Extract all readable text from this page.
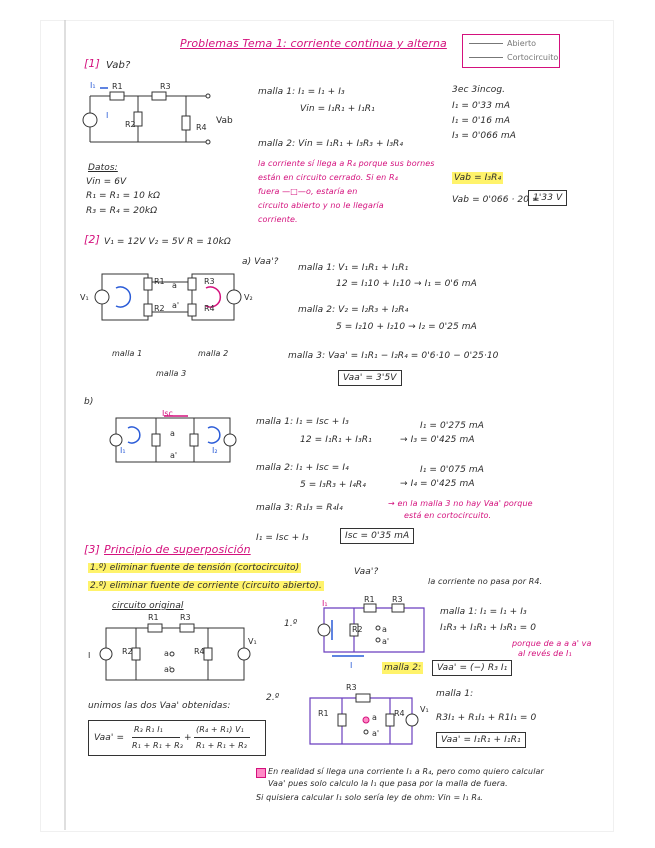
Problemas Tema 1: corriente continua y alterna	Abierto
Cortocircuito
[1] Vab?
I₁ R1	R3
R2	R4
I
Vab
Datos:
Vin = 6V
R₁ = R₁ = 10 kΩ
R₃ = R₄ = 20kΩ
malla 1: I₁ = I₁ + I₃
Vin = I₁R₁ + I₁R₁
malla 2: Vin = I₁R₁ + I₃R₃ + I₃R₄
3ec 3incog.
I₁ = 0'33 mA
I₁ = 0'16 mA
I₃ = 0'066 mA
la corriente sí llega a R₄ porque sus bornes
están en circuito cerrado. Si en R₄
fuera —□—o, estaría en
circuito abierto y no le llegaría
corriente.
Vab = I₃R₄
Vab = 0'066 · 20 =
1'33 V
[2] V₁ = 12V V₂ = 5V R = 10kΩ
V₁	V₂
R1
R2
R3
R4
a
a'
malla 1	malla 2
malla 3
a) Vaa'?
malla 1: V₁ = I₁R₁ + I₁R₁
12 = I₁10 + I₁10 → I₁ = 0'6 mA
malla 2: V₂ = I₂R₃ + I₂R₄
5 = I₂10 + I₂10 → I₂ = 0'25 mA
malla 3: Vaa' = I₁R₁ − I₂R₄ = 0'6·10 − 0'25·10
Vaa' = 3'5V
b)
Isc
I₁	I₂
a
a'
malla 1: I₁ = Isc + I₃
12 = I₁R₁ + I₃R₁
malla 2: I₁ + Isc = I₄
5 = I₃R₃ + I₄R₄
malla 3: R₁I₃ = R₄I₄
I₁ = 0'275 mA
→ I₃ = 0'425 mA
I₁ = 0'075 mA
→ I₄ = 0'425 mA
→ en la malla 3 no hay Vaa' porque
está en cortocircuito.
I₁ = Isc + I₃	Isc = 0'35 mA
[3] Principio de superposición
1.º) eliminar fuente de tensión (cortocircuito)
2.º) eliminar fuente de corriente (circuito abierto).
Vaa'?
la corriente no pasa por R4.
circuito original
R1	R3
R2	R4
a
a'
I
V₁
1.º
I₁	R1 R3
R2 a
a'
I
malla 1: I₁ = I₁ + I₃
I₁R₃ + I₁R₁ + I₃R₁ = 0
porque de a a a' va
al revés de I₁
malla 2:	Vaa' = (−) R₃ I₁
2.º
R3
R1	R4
a
a'
V₁
malla 1:
R3I₁ + R₁I₁ + R1I₁ = 0
Vaa' = I₁R₁ + I₁R₁
unimos las dos Vaa' obtenidas:
Vaa' =
R₃ R₁ I₁
R₁ + R₁ + R₃
+
(R₄ + R₁) V₁
R₁ + R₁ + R₃
En realidad sí llega una corriente I₁ a R₄, pero como quiero calcular
Vaa' pues solo calculo la I₁ que pasa por la malla de fuera.
Si quisiera calcular I₁ solo sería ley de ohm: Vin = I₁ R₄.
